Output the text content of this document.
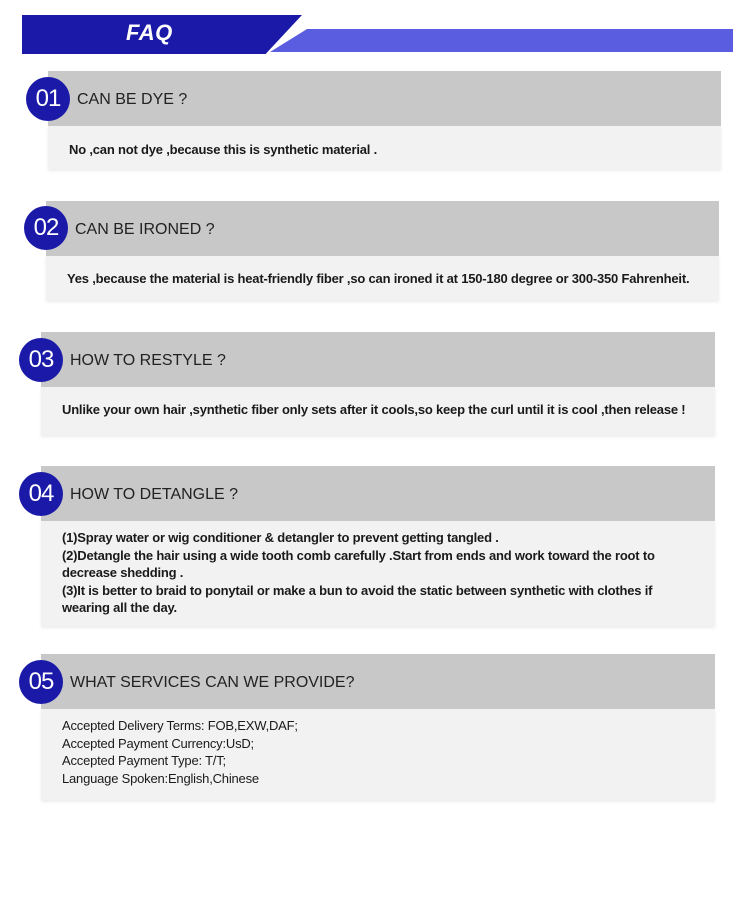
FAQ
01	CAN BE DYE ?
No ,can not dye ,because this is synthetic material .
02	CAN BE IRONED ?
Yes ,because the material is heat-friendly fiber ,so can ironed it at 150-180 degree or 300-350 Fahrenheit.
03	HOW TO RESTYLE ?
Unlike your own hair ,synthetic fiber only sets after it cools,so keep the curl until it is cool ,then release !
04	HOW TO DETANGLE ?
(1)Spray water or wig conditioner & detangler to prevent getting tangled .
(2)Detangle the hair using a wide tooth comb carefully .Start from ends and work toward the root to
decrease shedding .
(3)It is better to braid to ponytail or make a bun to avoid the static between synthetic with clothes if
wearing all the day.
05	WHAT SERVICES CAN WE PROVIDE?
Accepted Delivery Terms: FOB,EXW,DAF;
Accepted Payment Currency:UsD;
Accepted Payment Type: T/T;
Language Spoken:English,Chinese
